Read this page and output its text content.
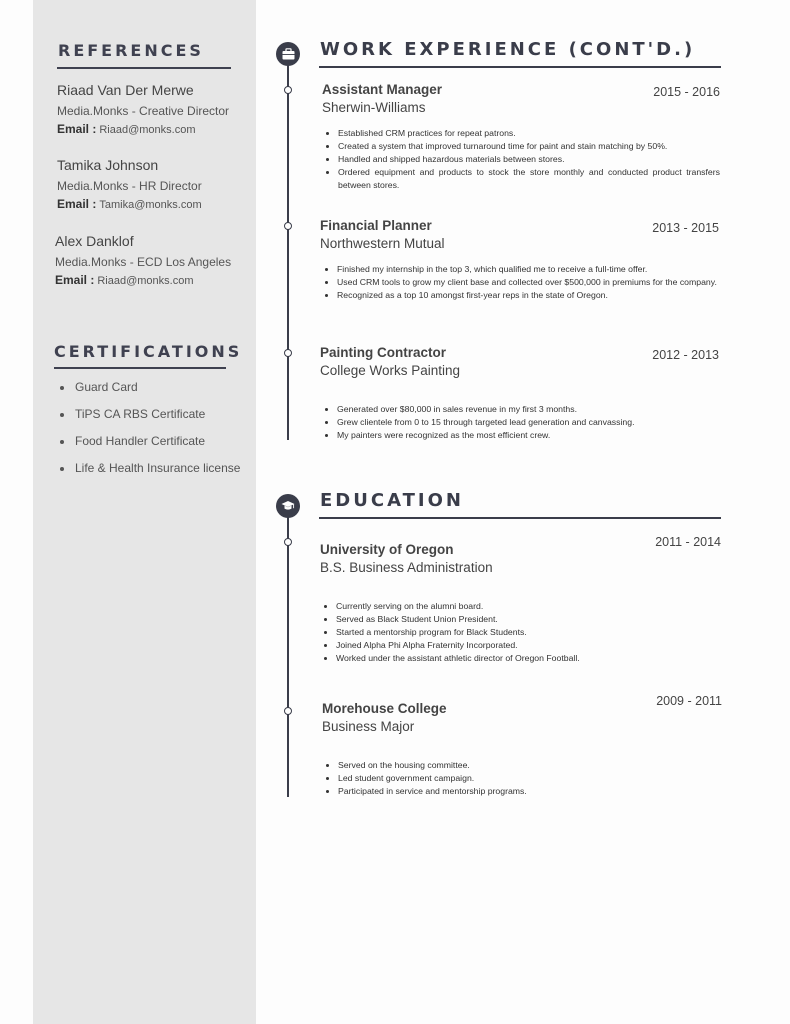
REFERENCES

Riaad Van Der Merwe

Media.Monks - Creative Director

Email : Riaad@monks.com

Tamika Johnson

Media.Monks - HR Director

Email : Tamika@monks.com

Alex Danklof

Media.Monks - ECD Los Angeles

Email : Riaad@monks.com

CERTIFICATIONS
Guard Card
TiPS CA RBS Certificate
Food Handler Certificate
Life & Health Insurance license
WORK EXPERIENCE (CONT'D.)

Assistant Manager

Sherwin-Williams

2015 - 2016
Established CRM practices for repeat patrons.
Created a system that improved turnaround time for paint and stain matching by 50%.
Handled and shipped hazardous materials between stores.
Ordered equipment and products to stock the store monthly and conducted product transfers between stores.

Financial Planner

Northwestern Mutual

2013 - 2015
Finished my internship in the top 3, which qualified me to receive a full-time offer.
Used CRM tools to grow my client base and collected over $500,000 in premiums for the company.
Recognized as a top 10 amongst first-year reps in the state of Oregon.

Painting Contractor

College Works Painting

2012 - 2013
Generated over $80,000 in sales revenue in my first 3 months.
Grew clientele from 0 to 15 through targeted lead generation and canvassing.
My painters were recognized as the most efficient crew.
EDUCATION

University of Oregon

B.S. Business Administration

2011 - 2014
Currently serving on the alumni board.
Served as Black Student Union President.
Started a mentorship program for Black Students.
Joined Alpha Phi Alpha Fraternity Incorporated.
Worked under the assistant athletic director of Oregon Football.

Morehouse College

Business Major

2009 - 2011
Served on the housing committee.
Led student government campaign.
Participated in service and mentorship programs.
